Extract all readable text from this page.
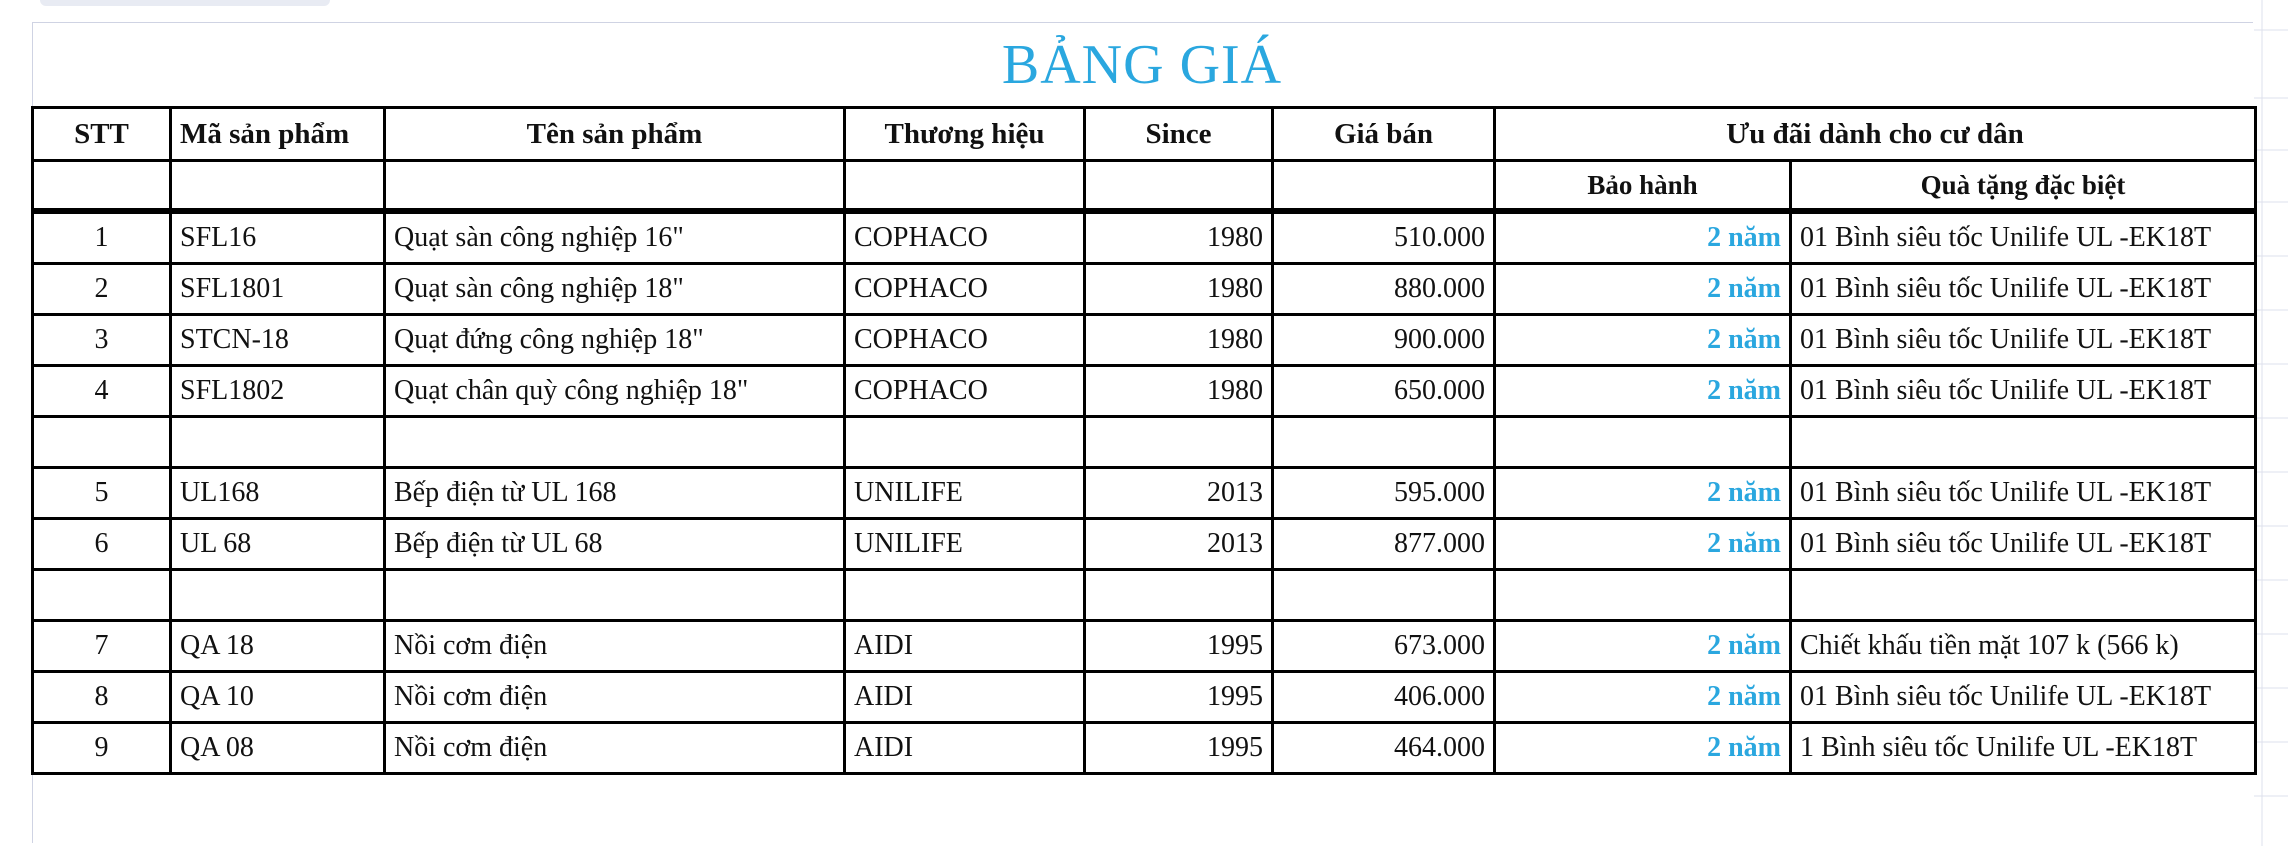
BẢNG GIÁ
STT	Mã sản phẩm	Tên sản phẩm	Thương hiệu	Since	Giá bán	Ưu đãi dành cho cư dân	
						Bảo hành	Quà tặng đặc biệt
1	SFL16	Quạt sàn công nghiệp 16"	COPHACO	1980	510.000	2 năm	01 Bình siêu tốc Unilife UL -EK18T
2	SFL1801	Quạt sàn công nghiệp 18"	COPHACO	1980	880.000	2 năm	01 Bình siêu tốc Unilife UL -EK18T
3	STCN-18	Quạt đứng công nghiệp 18"	COPHACO	1980	900.000	2 năm	01 Bình siêu tốc Unilife UL -EK18T
4	SFL1802	Quạt chân quỳ công nghiệp 18"	COPHACO	1980	650.000	2 năm	01 Bình siêu tốc Unilife UL -EK18T

5	UL168	Bếp điện từ UL 168	UNILIFE	2013	595.000	2 năm	01 Bình siêu tốc Unilife UL -EK18T
6	UL 68	Bếp điện từ UL 68	UNILIFE	2013	877.000	2 năm	01 Bình siêu tốc Unilife UL -EK18T

7	QA 18	Nồi cơm điện	AIDI	1995	673.000	2 năm	Chiết khấu tiền mặt 107 k (566 k)
8	QA 10	Nồi cơm điện	AIDI	1995	406.000	2 năm	01 Bình siêu tốc Unilife UL -EK18T
9	QA 08	Nồi cơm điện	AIDI	1995	464.000	2 năm	1 Bình siêu tốc Unilife UL -EK18T
